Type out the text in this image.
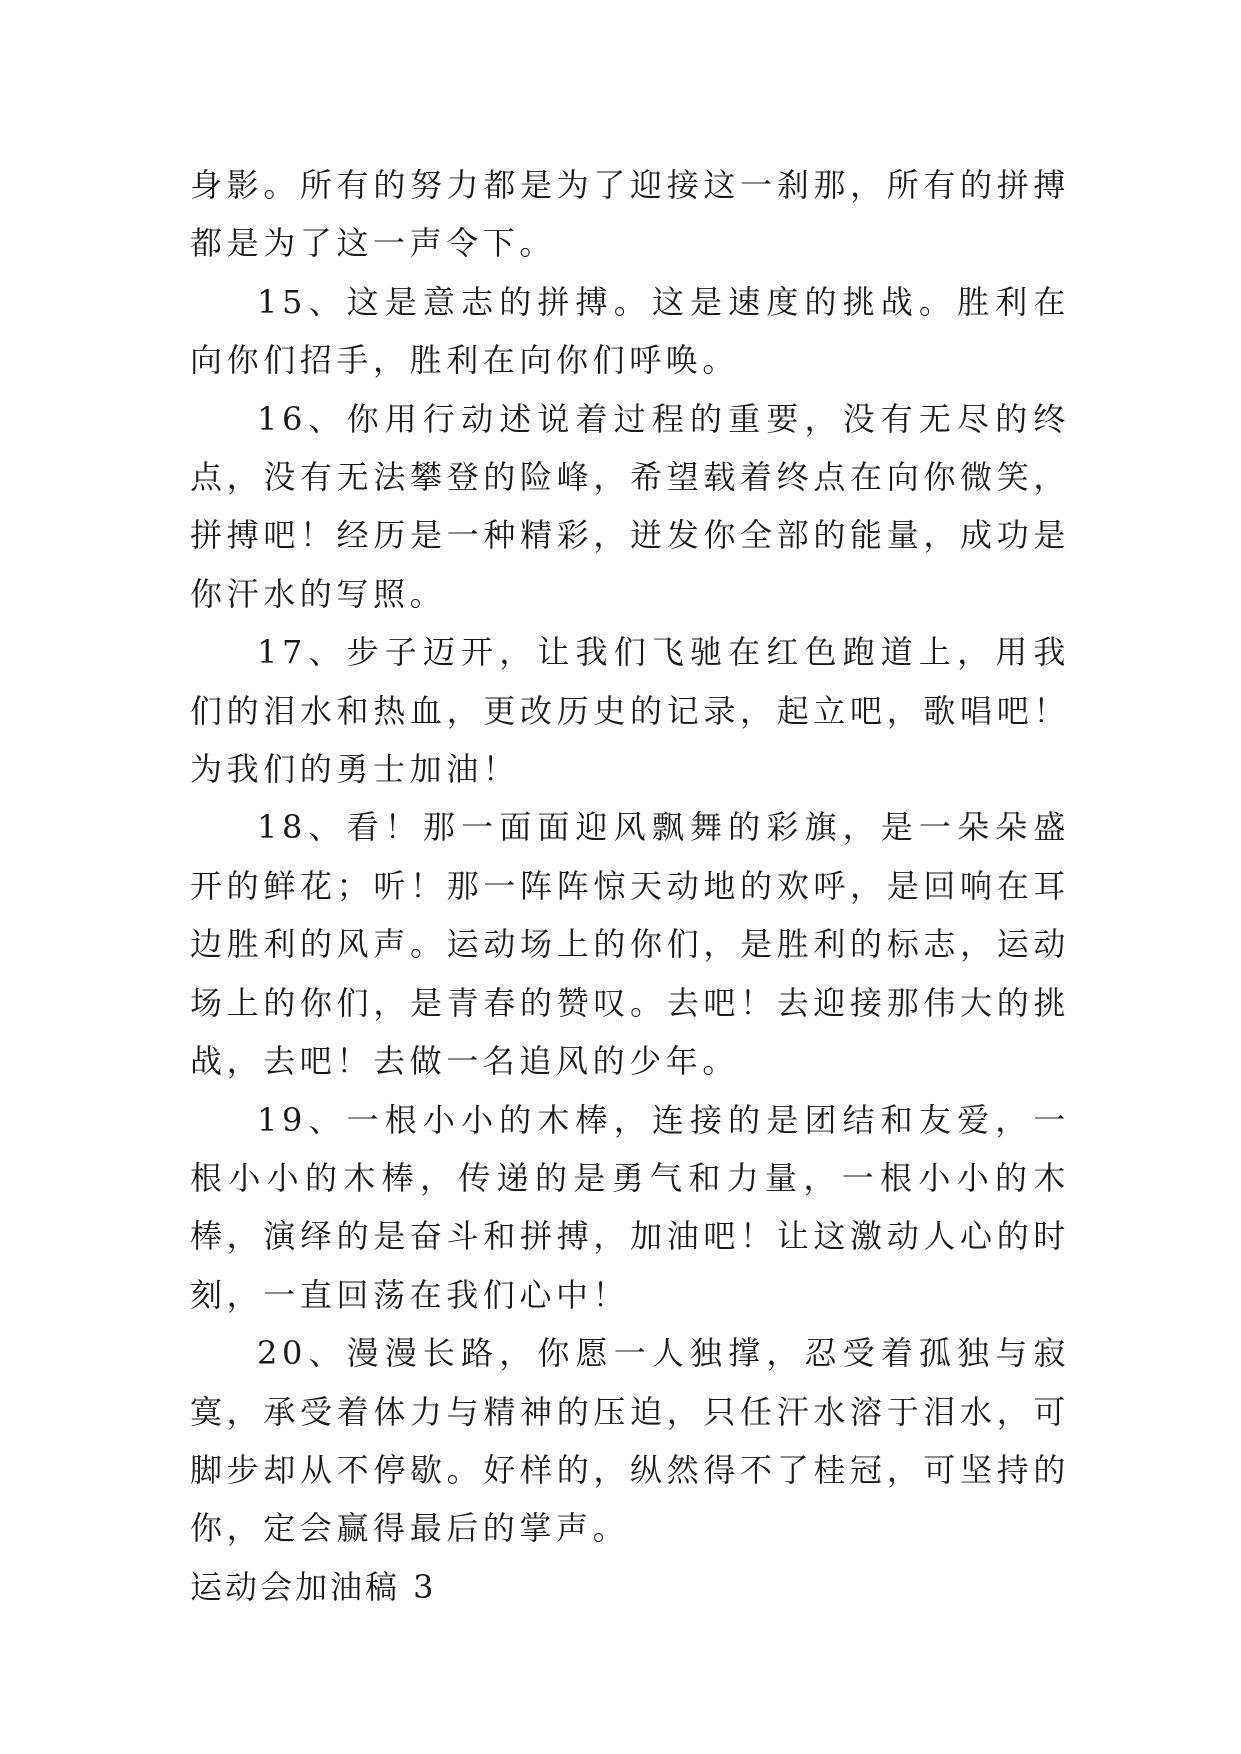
身影。所有的努力都是为了迎接这一刹那，所有的拼搏都是为了这一声令下。

15、这是意志的拼搏。这是速度的挑战。胜利在向你们招手，胜利在向你们呼唤。

16、你用行动述说着过程的重要，没有无尽的终点，没有无法攀登的险峰，希望载着终点在向你微笑，拼搏吧！经历是一种精彩，迸发你全部的能量，成功是你汗水的写照。

17、步子迈开，让我们飞驰在红色跑道上，用我们的泪水和热血，更改历史的记录，起立吧，歌唱吧！为我们的勇士加油！

18、看！那一面面迎风飘舞的彩旗，是一朵朵盛开的鲜花；听！那一阵阵惊天动地的欢呼，是回响在耳边胜利的风声。运动场上的你们，是胜利的标志，运动场上的你们，是青春的赞叹。去吧！去迎接那伟大的挑战，去吧！去做一名追风的少年。

19、一根小小的木棒，连接的是团结和友爱，一根小小的木棒，传递的是勇气和力量，一根小小的木棒，演绎的是奋斗和拼搏，加油吧！让这激动人心的时刻，一直回荡在我们心中！

20、漫漫长路，你愿一人独撑，忍受着孤独与寂寞，承受着体力与精神的压迫，只任汗水溶于泪水，可脚步却从不停歇。好样的，纵然得不了桂冠，可坚持的你，定会赢得最后的掌声。

运动会加油稿 3
